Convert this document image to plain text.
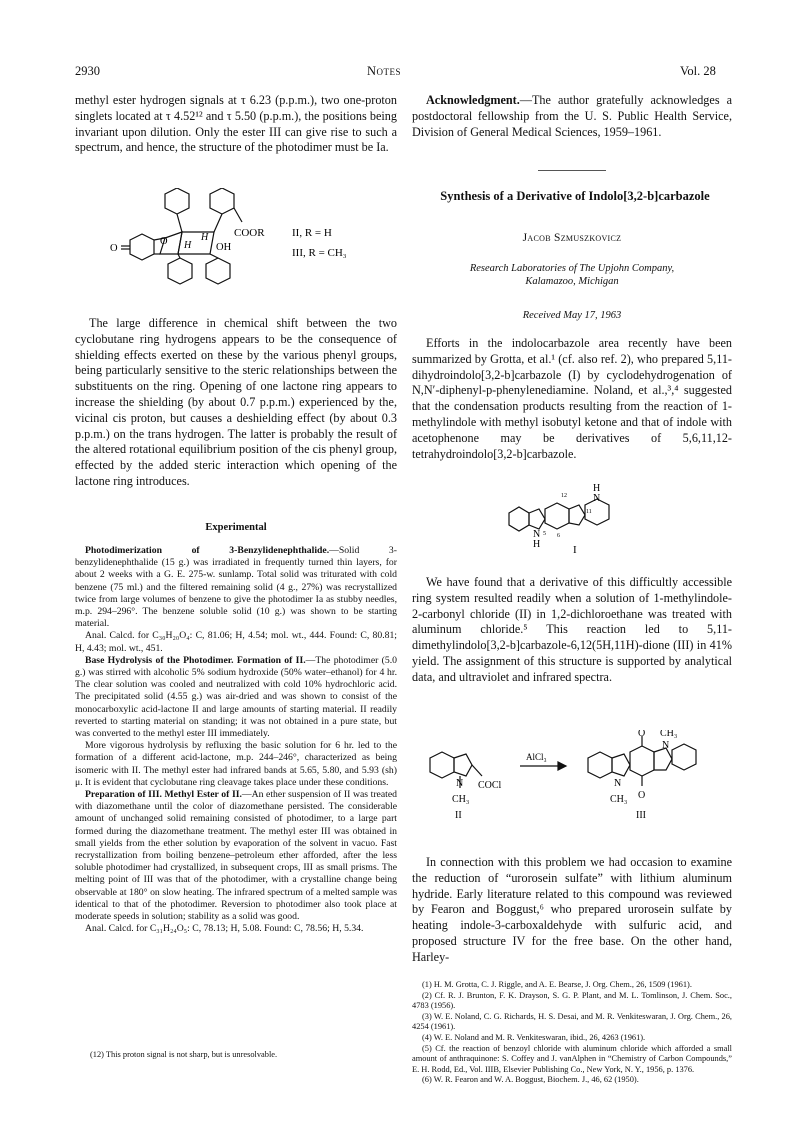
2930	Notes	Vol. 28

methyl ester hydrogen signals at τ 6.23 (p.p.m.), two one-proton singlets located at τ 4.52¹² and τ 5.50 (p.p.m.), the positions being invariant upon dilution. Only the ester III can give rise to such a spectrum, and hence, the structure of the photodimer must be Ia.

COOR
H
H
OH
O
O
II, R = H
III, R = CH₃

The large difference in chemical shift between the two cyclobutane ring hydrogens appears to be the consequence of shielding effects exerted on these by the various phenyl groups, being particularly sensitive to the steric relationships between the substituents on the ring. Opening of one lactone ring appears to increase the shielding (by about 0.7 p.p.m.) experienced by the, vicinal cis proton, but causes a deshielding effect (by about 0.3 p.p.m.) on the trans hydrogen. The latter is probably the result of the altered rotational equilibrium position of the cis phenyl group, effected by the added steric interaction which opening of the lactone ring introduces.

Experimental

Photodimerization of 3-Benzylidenephthalide.—Solid 3-benzylidenephthalide (15 g.) was irradiated in frequently turned thin layers, for about 2 weeks with a G. E. 275-w. sunlamp. Total solid was triturated with cold benzene (75 ml.) and the filtered remaining solid (4 g., 27%) was recrystallized twice from large volumes of benzene to give the photodimer Ia as stubby needles, m.p. 294–296°. The benzene soluble solid (10 g.) was shown to be starting material.

Anal. Calcd. for C₃₀H₂₀O₄: C, 81.06; H, 4.54; mol. wt., 444. Found: C, 80.81; H, 4.43; mol. wt., 451.

Base Hydrolysis of the Photodimer. Formation of II.—The photodimer (5.0 g.) was stirred with alcoholic 5% sodium hydroxide (50% water–ethanol) for 4 hr. The clear solution was cooled and neutralized with cold 10% hydrochloric acid. The precipitated solid (4.55 g.) was air-dried and was shown to consist of the monocarboxylic acid-lactone II and large amounts of starting material. II readily reverted to starting material on standing; it was not obtained in a pure state, but was converted to the methyl ester III immediately.

More vigorous hydrolysis by refluxing the basic solution for 6 hr. led to the formation of a different acid-lactone, m.p. 244–246°, characterized as being isomeric with II. The methyl ester had infrared bands at 5.65, 5.80, and 5.93 (sh) μ. It is evident that cyclobutane ring cleavage takes place under these conditions.

Preparation of III. Methyl Ester of II.—An ether suspension of II was treated with diazomethane until the color of diazomethane persisted. The considerable amount of unchanged solid remaining consisted of photodimer, to a large part formed during the diazomethane treatment. The methyl ester III was obtained in small yields from the ether solution by evaporation of the solvent in vacuo. Fast recrystallization from boiling benzene–petroleum ether afforded, after the less soluble photodimer had crystallized, in subsequent crops, III as small prisms. The melting point of III was that of the photodimer, with a crystalline change being observable at 180° on slow heating. The infrared spectrum of a melted sample was identical to that of the photodimer. Reversion to photodimer also took place at moderate speeds in solution; stability as a solid was good.

Anal. Calcd. for C₃₁H₂₄O₅: C, 78.13; H, 5.08. Found: C, 78.56; H, 5.34.

(12) This proton signal is not sharp, but is unresolvable.

Acknowledgment.—The author gratefully acknowledges a postdoctoral fellowship from the U. S. Public Health Service, Division of General Medical Sciences, 1959–1961.

Synthesis of a Derivative of Indolo[3,2-b]carbazole
Jacob Szmuszkovicz
Research Laboratories of The Upjohn Company, Kalamazoo, Michigan
Received May 17, 1963

Efforts in the indolocarbazole area recently have been summarized by Grotta, et al.¹ (cf. also ref. 2), who prepared 5,11-dihydroindolo[3,2-b]carbazole (I) by cyclodehydrogenation of N,N′-diphenyl-p-phenylenediamine. Noland, et al.,³,⁴ suggested that the condensation products resulting from the reaction of 1-methylindole with methyl isobutyl ketone and that of indole with acetophenone may be derivatives of 5,6,11,12-tetrahydroindolo[3,2-b]carbazole.

H
N
11
12
5 6
N
H	I

We have found that a derivative of this difficultly accessible ring system resulted readily when a solution of 1-methylindole-2-carbonyl chloride (II) in 1,2-dichloroethane was treated with aluminum chloride.⁵ This reaction led to 5,11-dimethylindolo[3,2-b]carbazole-6,12(5H,11H)-dione (III) in 41% yield. The assignment of this structure is supported by analytical data, and ultraviolet and infrared spectra.

AlCl₃
COCl
N
CH₃
II
O CH₃
N
N
CH₃ O
III

In connection with this problem we had occasion to examine the reduction of “urorosein sulfate” with lithium aluminum hydride. Early literature related to this compound was reviewed by Fearon and Boggust,⁶ who prepared urorosein sulfate by heating indole-3-carboxaldehyde with sulfuric acid, and proposed structure IV for the free base. On the other hand, Harley-

(1) H. M. Grotta, C. J. Riggle, and A. E. Bearse, J. Org. Chem., 26, 1509 (1961).

(2) Cf. R. J. Brunton, F. K. Drayson, S. G. P. Plant, and M. L. Tomlinson, J. Chem. Soc., 4783 (1956).

(3) W. E. Noland, C. G. Richards, H. S. Desai, and M. R. Venkiteswaran, J. Org. Chem., 26, 4254 (1961).

(4) W. E. Noland and M. R. Venkiteswaran, ibid., 26, 4263 (1961).

(5) Cf. the reaction of benzoyl chloride with aluminum chloride which afforded a small amount of anthraquinone: S. Coffey and J. vanAlphen in “Chemistry of Carbon Compounds,” E. H. Rodd, Ed., Vol. IIIB, Elsevier Publishing Co., New York, N. Y., 1956, p. 1376.

(6) W. R. Fearon and W. A. Boggust, Biochem. J., 46, 62 (1950).
